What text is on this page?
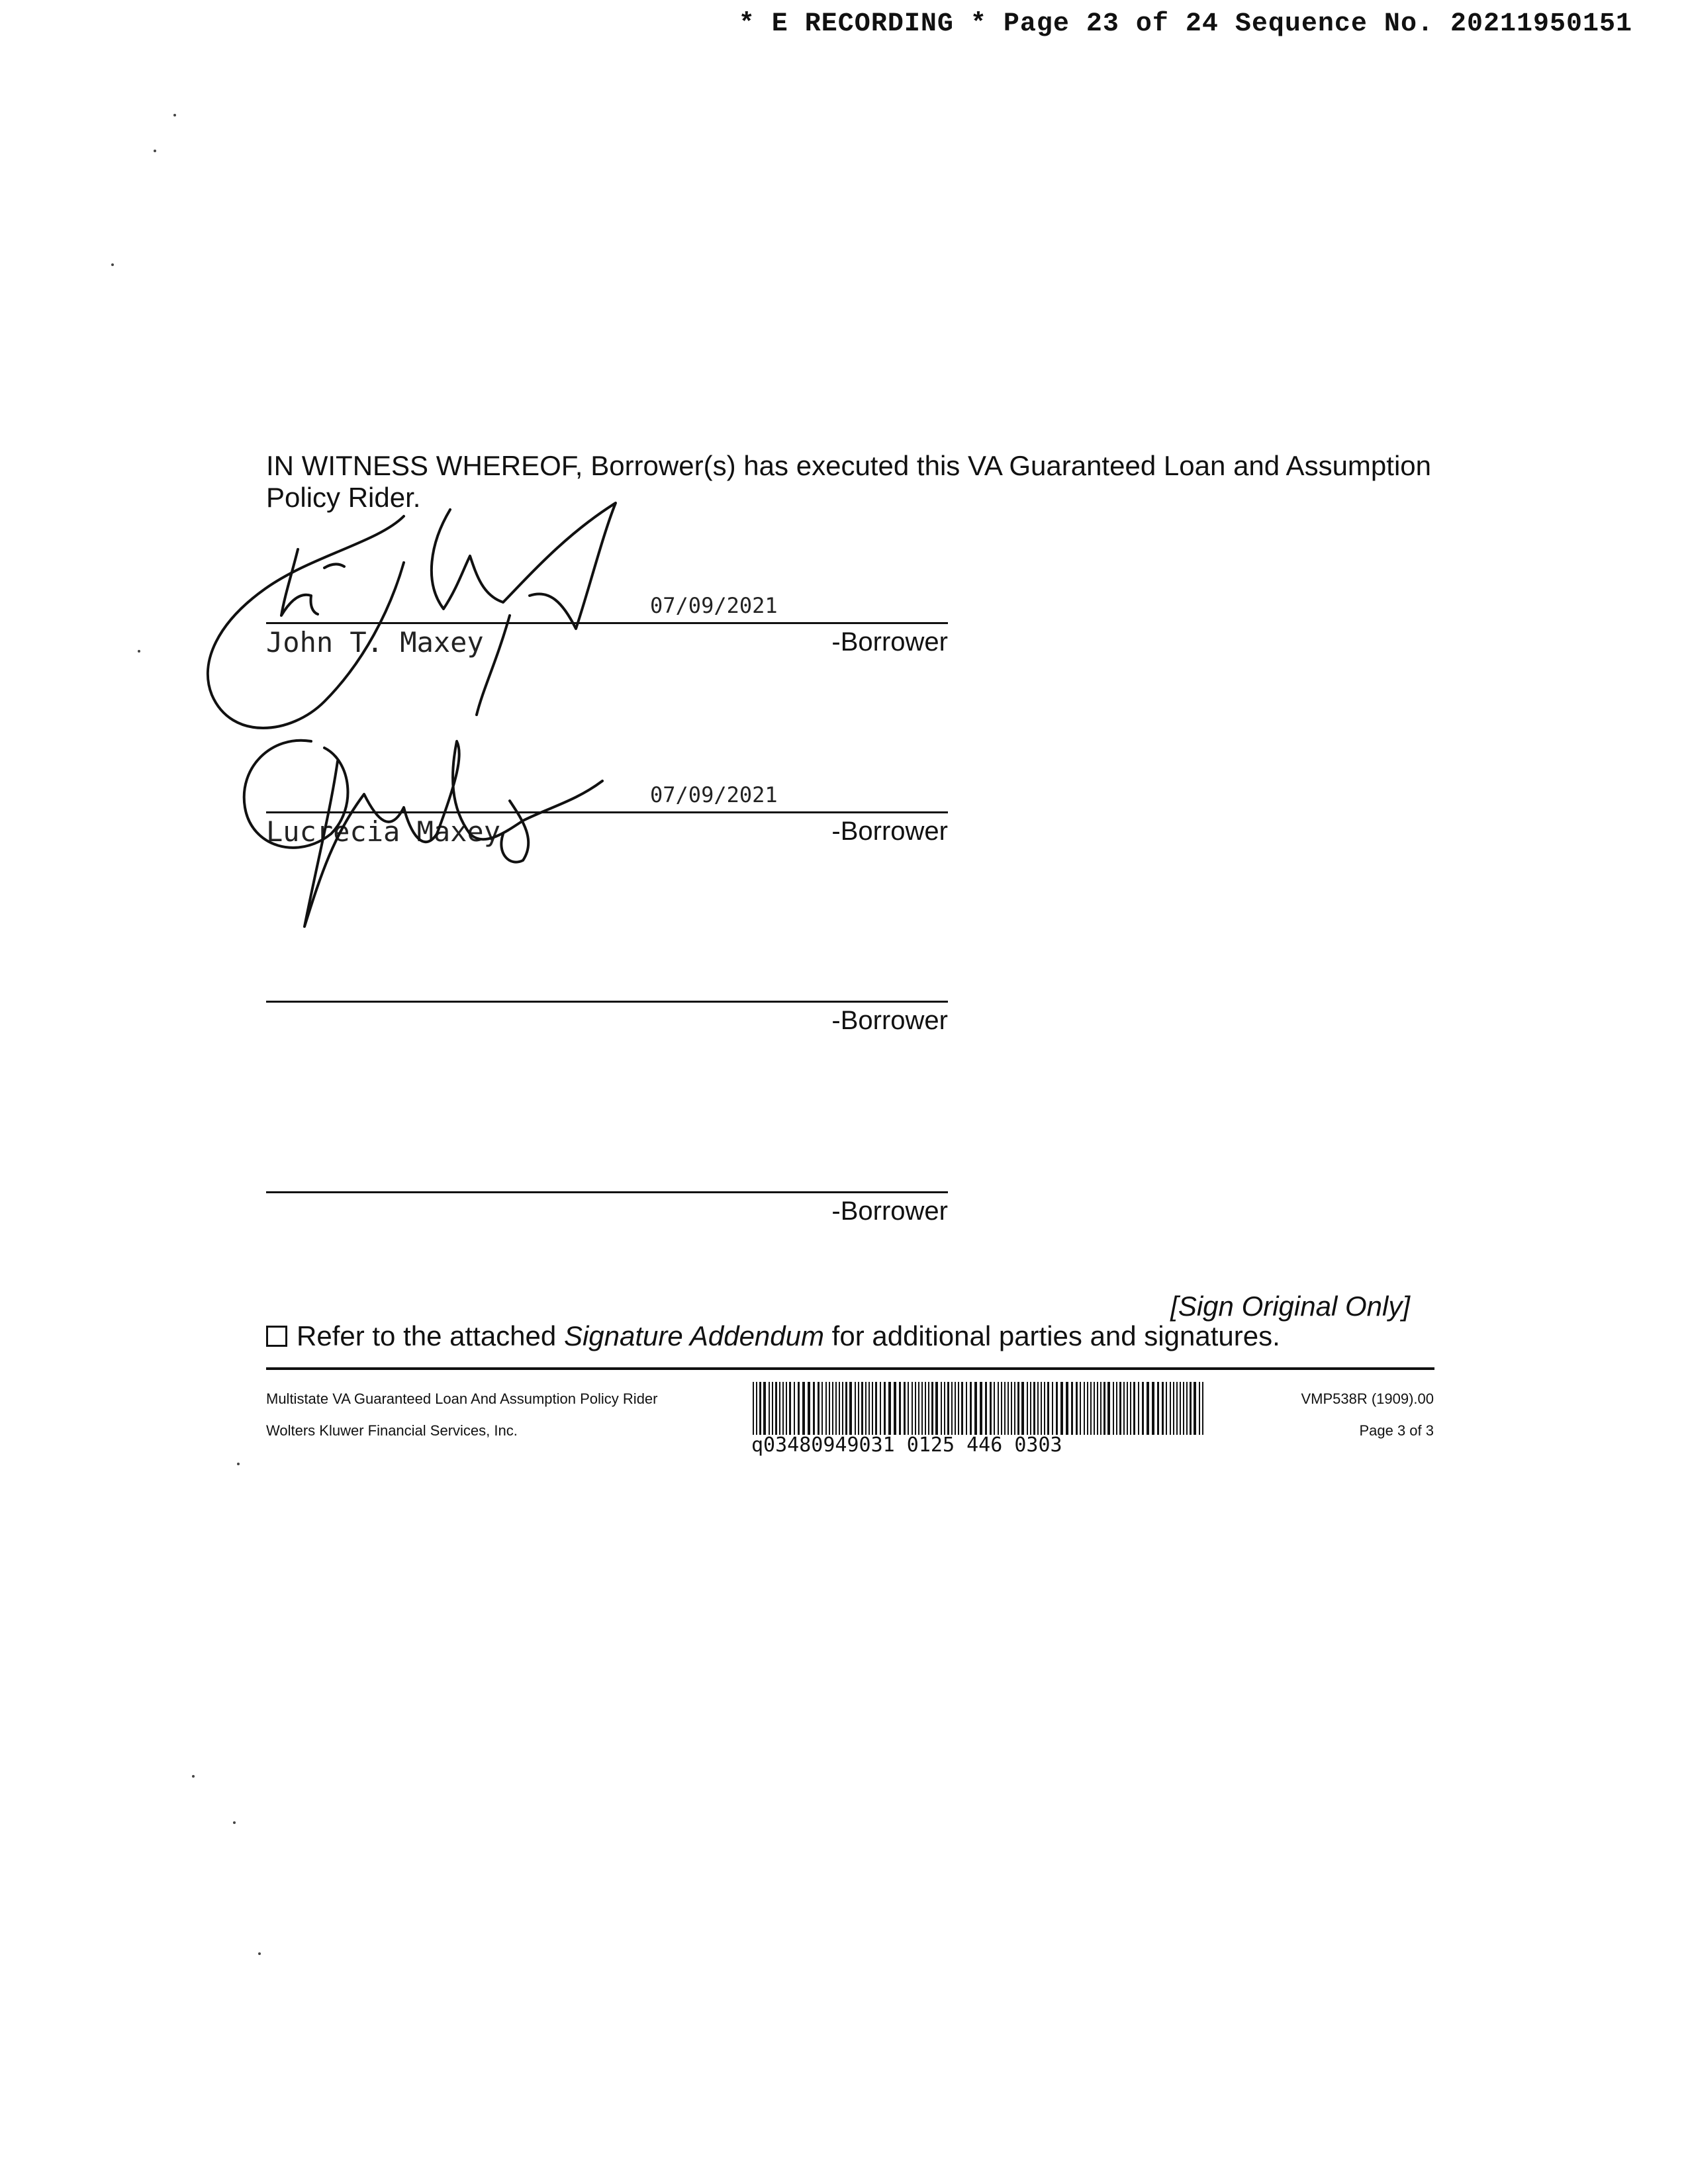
* E RECORDING * Page 23 of 24 Sequence No. 20211950151
IN WITNESS WHEREOF, Borrower(s) has executed this VA Guaranteed Loan and Assumption Policy Rider.
07/09/2021
John T. Maxey	-Borrower
07/09/2021
Lucrecia Maxey	-Borrower
-Borrower
-Borrower
[Sign Original Only]
Refer to the attached
Signature Addendum
for additional parties and signatures.
Multistate VA Guaranteed Loan And Assumption Policy Rider
Wolters Kluwer Financial Services, Inc.
q03480949031 0125 446 0303
VMP538R (1909).00
Page 3 of 3
